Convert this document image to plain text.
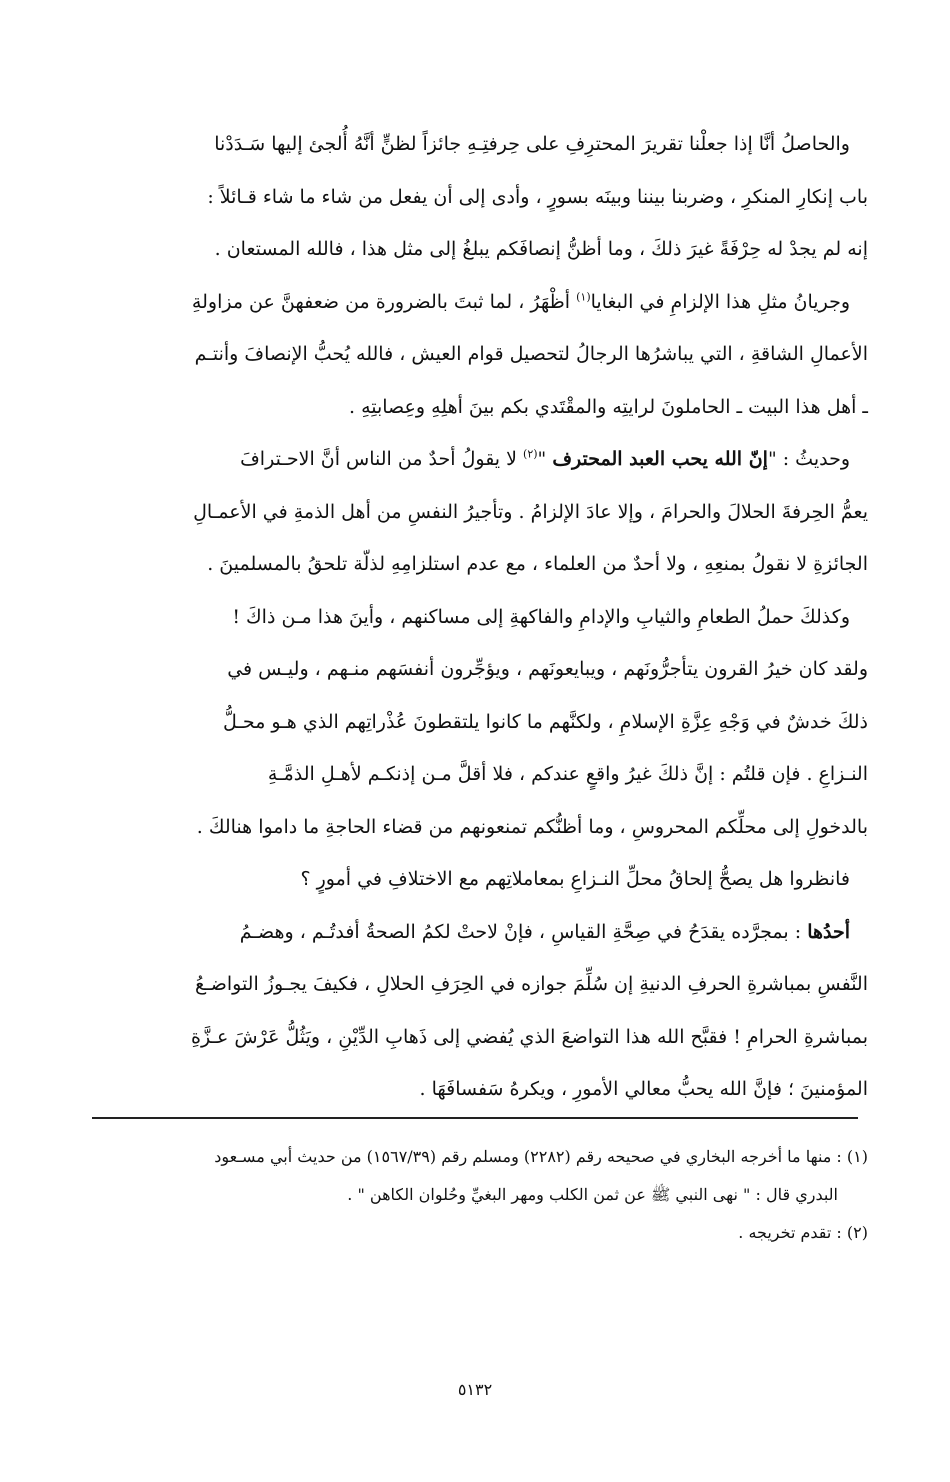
والحاصلُ أنَّا إذا جعلْنا تقريرَ المحترِفِ على حِرفتِـهِ جائزاً لظنٍّ أنَّهُ أُلجئ إليها سَـدَدْنا

باب إنكارِ المنكرِ ، وضربنا بيننا وبينَه بسورٍ ، وأدى إلى أن يفعل من شاء ما شاء قـائلاً :

إنه لم يجدْ له حِرْفَةً غيرَ ذلكَ ، وما أظنُّ إنصافَكم يبلغُ إلى مثل هذا ، فالله المستعان .

وجريانُ مثلِ هذا الإلزامِ في البغايا$^{(١)}$ أظْهَرُ ، لما ثبتَ بالضرورة من ضعفهنَّ عن مزاولةِ

الأعمالِ الشاقةِ ، التي يباشرُها الرجالُ لتحصيل قوام العيش ، فالله يُحبُّ الإنصافَ وأنتـم

ـ أهل هذا البيت ـ الحاملونَ لرايتِه والمقْتَدي بكم بينَ أهلِهِ وعِصابتِهِ .

وحديثُ : "إنّ الله يحب العبد المحترف "$^{(٢)}$ لا يقولُ أحدٌ من الناس أنَّ الاحـترافَ

يعمُّ الحِرفةَ الحلالَ والحرامَ ، وإلا عادَ الإلزامُ . وتأجيرُ النفسِ من أهل الذمةِ في الأعمـالِ

الجائزةِ لا نقولُ بمنعِهِ ، ولا أحدٌ من العلماء ، مع عدم استلزامِهِ لذلّة تلحقُ بالمسلمينَ .

وكذلكَ حملُ الطعامِ والثيابِ والإدامِ والفاكهةِ إلى مساكنهم ، وأينَ هذا مـن ذاكَ !

ولقد كان خيرُ القرون يتأجرُّونَهم ، ويبايعونَهم ، ويؤجِّرون أنفسَهم منـهم ، وليـس في

ذلكَ خدشٌ في وَجْهِ عِزَّةِ الإسلامِ ، ولكنَّهم ما كانوا يلتقطونَ عُذْراتِهم الذي هـو محـلُّ

النـزاعِ . فإن قلتُم : إنَّ ذلكَ غيرُ واقعٍ عندكم ، فلا أقلَّ مـن إذنكـم لأهـلِ الذمَّـةِ

بالدخولِ إلى محلِّكم المحروسِ ، وما أظنُّكم تمنعونهم من قضاء الحاجةِ ما داموا هنالكَ .

فانظروا هل يصحُّ إلحاقُ محلِّ النـزاعِ بمعاملاتِهم مع الاختلافِ في أمورٍ ؟

أحدُها : بمجرَّده يقدَحُ في صِحَّةِ القياسِ ، فإنْ لاحتْ لكمُ الصحةُ أفدتُـم ، وهضـمُ

النَّفسِ بمباشرةِ الحرفِ الدنيةِ إن سُلِّمَ جوازه في الحِرَفِ الحلالِ ، فكيفَ يجـوزُ التواضـعُ

بمباشرةِ الحرامِ ! فقبَّح الله هذا التواضعَ الذي يُفضي إلى ذَهابِ الدِّيْنِ ، ويَثُلُّ عَرْشَ عـزَّةِ

المؤمنينَ ؛ فإنَّ الله يحبُّ معالي الأمورِ ، ويكرهُ سَفسافَهَا .

(١) : منها ما أخرجه البخاري في صحيحه رقم (٢٢٨٢) ومسلم رقم (١٥٦٧/٣٩) من حديث أبي مسـعود

البدري قال : " نهى النبي ﷺ عن ثمن الكلب ومهر البغيِّ وحُلوان الكاهن " .

(٢) : تقدم تخريجه .

٥١٣٢
